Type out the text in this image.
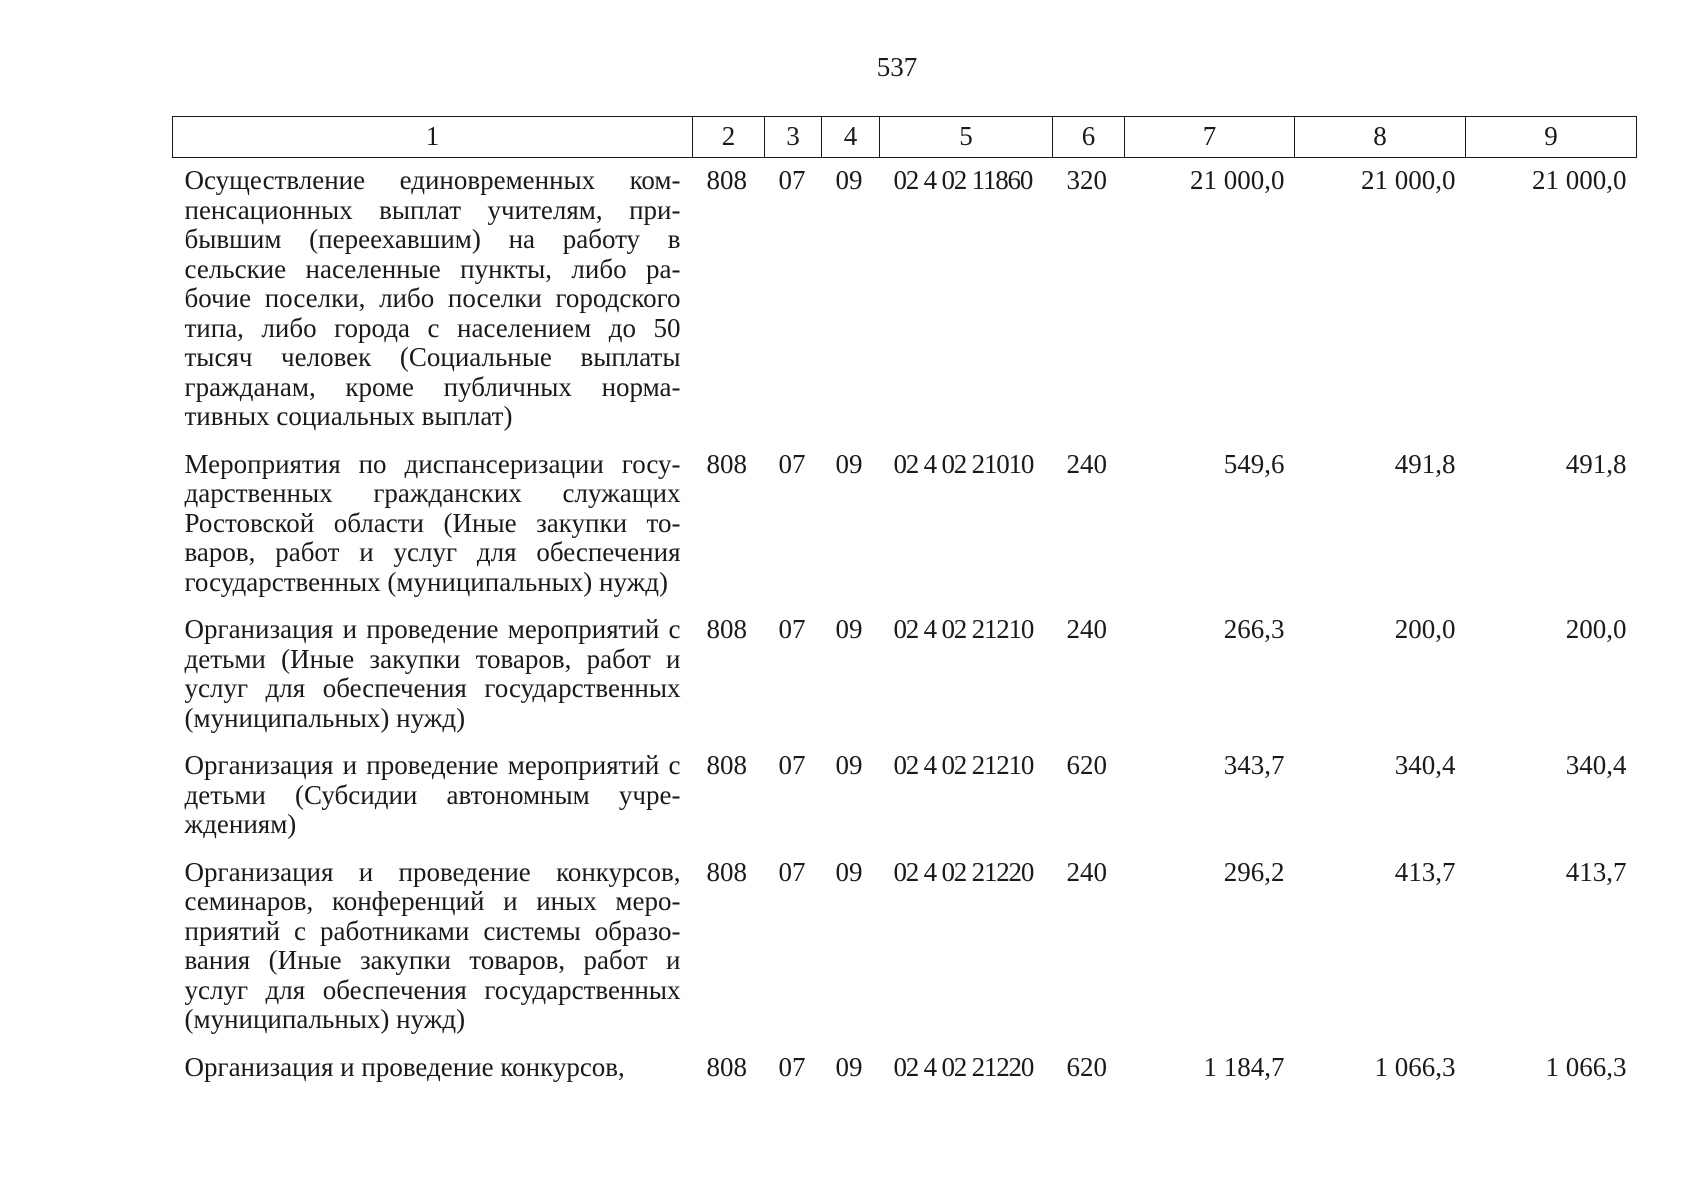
537
1	2	3	4	5	6	7	8	9
Осуществление единовременных компенсационных выплат учителям, прибывшим (переехавшим) на работу в сельские населенные пункты, либо рабочие поселки, либо поселки городского типа, либо города с населением до 50 тысяч человек (Социальные выплаты гражданам, кроме публичных нормативных социальных выплат)	808	07	09	02 4 02 11860	320	21 000,0	21 000,0	21 000,0
Мероприятия по диспансеризации государственных гражданских служащих Ростовской области (Иные закупки товаров, работ и услуг для обеспечения государственных (муниципальных) нужд)	808	07	09	02 4 02 21010	240	549,6	491,8	491,8
Организация и проведение мероприятий с детьми (Иные закупки товаров, работ и услуг для обеспечения государственных (муниципальных) нужд)	808	07	09	02 4 02 21210	240	266,3	200,0	200,0
Организация и проведение мероприятий с детьми (Субсидии автономным учреждениям)	808	07	09	02 4 02 21210	620	343,7	340,4	340,4
Организация и проведение конкурсов, семинаров, конференций и иных мероприятий с работниками системы образования (Иные закупки товаров, работ и услуг для обеспечения государственных (муниципальных) нужд)	808	07	09	02 4 02 21220	240	296,2	413,7	413,7
Организация и проведение конкурсов,	808	07	09	02 4 02 21220	620	1 184,7	1 066,3	1 066,3
